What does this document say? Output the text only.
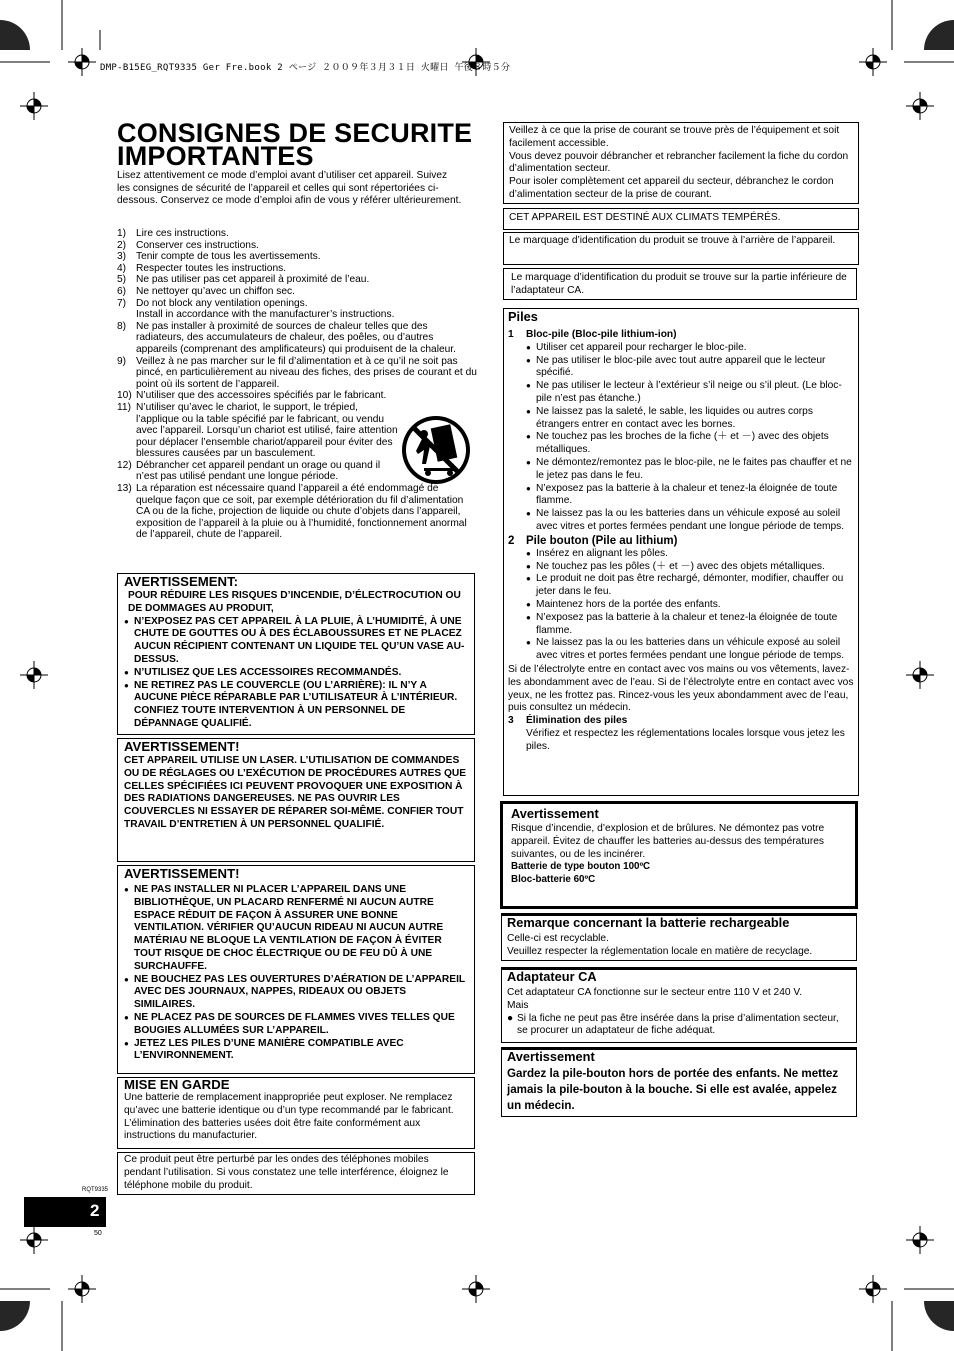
DMP-B15EG_RQT9335 Ger Fre.book 2 ページ ２００９年３月３１日 火曜日 午後８時５分
CONSIGNES DE SECURITE
IMPORTANTES
Lisez attentivement ce mode d’emploi avant d’utiliser cet appareil. Suivez les consignes de sécurité de l’appareil et celles qui sont répertoriées ci-dessous. Conservez ce mode d’emploi afin de vous y référer ultérieurement.
1) Lire ces instructions.
2) Conserver ces instructions.
3) Tenir compte de tous les avertissements.
4) Respecter toutes les instructions.
5) Ne pas utiliser pas cet appareil à proximité de l’eau.
6) Ne nettoyer qu’avec un chiffon sec.
7) Do not block any ventilation openings.
Install in accordance with the manufacturer’s instructions.
8) Ne pas installer à proximité de sources de chaleur telles que des radiateurs, des accumulateurs de chaleur, des poêles, ou d’autres appareils (comprenant des amplificateurs) qui produisent de la chaleur.
9) Veillez à ne pas marcher sur le fil d’alimentation et à ce qu’il ne soit pas pincé, en particulièrement au niveau des fiches, des prises de courant et du point où ils sortent de l’appareil.
10) N’utiliser que des accessoires spécifiés par le fabricant.
11) N’utiliser qu’avec le chariot, le support, le trépied, l’applique ou la table spécifié par le fabricant, ou vendu avec l’appareil. Lorsqu’un chariot est utilisé, faire attention pour déplacer l’ensemble chariot/appareil pour éviter des blessures causées par un basculement.
12) Débrancher cet appareil pendant un orage ou quand il n’est pas utilisé pendant une longue période.
13) La réparation est nécessaire quand l’appareil a été endommagé de quelque façon que ce soit, par exemple détérioration du fil d’alimentation CA ou de la fiche, projection de liquide ou chute d’objets dans l’appareil, exposition de l’appareil à la pluie ou à l’humidité, fonctionnement anormal de l’appareil, chute de l’appareil.
AVERTISSEMENT:
POUR RÉDUIRE LES RISQUES D’INCENDIE, D’ÉLECTROCUTION OU DE DOMMAGES AU PRODUIT,
● N’EXPOSEZ PAS CET APPAREIL À LA PLUIE, À L’HUMIDITÉ, À UNE CHUTE DE GOUTTES OU À DES ÉCLABOUSSURES ET NE PLACEZ AUCUN RÉCIPIENT CONTENANT UN LIQUIDE TEL QU’UN VASE AU-DESSUS.
● N’UTILISEZ QUE LES ACCESSOIRES RECOMMANDÉS.
● NE RETIREZ PAS LE COUVERCLE (OU L’ARRIÈRE): IL N’Y A AUCUNE PIÈCE RÉPARABLE PAR L’UTILISATEUR À L’INTÉRIEUR. CONFIEZ TOUTE INTERVENTION À UN PERSONNEL DE DÉPANNAGE QUALIFIÉ.
AVERTISSEMENT!
CET APPAREIL UTILISE UN LASER. L’UTILISATION DE COMMANDES OU DE RÉGLAGES OU L’EXÉCUTION DE PROCÉDURES AUTRES QUE CELLES SPÉCIFIÉES ICI PEUVENT PROVOQUER UNE EXPOSITION À DES RADIATIONS DANGEREUSES. NE PAS OUVRIR LES COUVERCLES NI ESSAYER DE RÉPARER SOI-MÊME. CONFIER TOUT TRAVAIL D’ENTRETIEN À UN PERSONNEL QUALIFIÉ.
AVERTISSEMENT!
● NE PAS INSTALLER NI PLACER L’APPAREIL DANS UNE BIBLIOTHÈQUE, UN PLACARD RENFERMÉ NI AUCUN AUTRE ESPACE RÉDUIT DE FAÇON À ASSURER UNE BONNE VENTILATION. VÉRIFIER QU’AUCUN RIDEAU NI AUCUN AUTRE MATÉRIAU NE BLOQUE LA VENTILATION DE FAÇON À ÉVITER TOUT RISQUE DE CHOC ÉLECTRIQUE OU DE FEU DÛ À UNE SURCHAUFFE.
● NE BOUCHEZ PAS LES OUVERTURES D’AÉRATION DE L’APPAREIL AVEC DES JOURNAUX, NAPPES, RIDEAUX OU OBJETS SIMILAIRES.
● NE PLACEZ PAS DE SOURCES DE FLAMMES VIVES TELLES QUE BOUGIES ALLUMÉES SUR L’APPAREIL.
● JETEZ LES PILES D’UNE MANIÈRE COMPATIBLE AVEC L’ENVIRONNEMENT.
MISE EN GARDE
Une batterie de remplacement inappropriée peut exploser. Ne remplacez qu’avec une batterie identique ou d’un type recommandé par le fabricant. L’élimination des batteries usées doit être faite conformément aux instructions du manufacturier.
Ce produit peut être perturbé par les ondes des téléphones mobiles pendant l’utilisation. Si vous constatez une telle interférence, éloignez le téléphone mobile du produit.
Veillez à ce que la prise de courant se trouve près de l’équipement et soit facilement accessible.
Vous devez pouvoir débrancher et rebrancher facilement la fiche du cordon d’alimentation secteur.
Pour isoler complètement cet appareil du secteur, débranchez le cordon d’alimentation secteur de la prise de courant.
CET APPAREIL EST DESTINÉ AUX CLIMATS TEMPÉRÉS.
Le marquage d’identification du produit se trouve à l’arrière de l’appareil.
Le marquage d’identification du produit se trouve sur la partie inférieure de l’adaptateur CA.
Piles
1	Bloc-pile (Bloc-pile lithium-ion)
● Utiliser cet appareil pour recharger le bloc-pile.
● Ne pas utiliser le bloc-pile avec tout autre appareil que le lecteur spécifié.
● Ne pas utiliser le lecteur à l’extérieur s’il neige ou s’il pleut. (Le bloc-pile n’est pas étanche.)
● Ne laissez pas la saleté, le sable, les liquides ou autres corps étrangers entrer en contact avec les bornes.
● Ne touchez pas les broches de la fiche (＋ et －) avec des objets métalliques.
● Ne démontez/remontez pas le bloc-pile, ne le faites pas chauffer et ne le jetez pas dans le feu.
● N’exposez pas la batterie à la chaleur et tenez-la éloignée de toute flamme.
● Ne laissez pas la ou les batteries dans un véhicule exposé au soleil avec vitres et portes fermées pendant une longue période de temps.
2	Pile bouton (Pile au lithium)
● Insérez en alignant les pôles.
● Ne touchez pas les pôles (＋ et －) avec des objets métalliques.
● Le produit ne doit pas être rechargé, démonter, modifier, chauffer ou jeter dans le feu.
● Maintenez hors de la portée des enfants.
● N’exposez pas la batterie à la chaleur et tenez-la éloignée de toute flamme.
● Ne laissez pas la ou les batteries dans un véhicule exposé au soleil avec vitres et portes fermées pendant une longue période de temps.
Si de l’électrolyte entre en contact avec vos mains ou vos vêtements, lavez-les abondamment avec de l’eau. Si de l’électrolyte entre en contact avec vos yeux, ne les frottez pas. Rincez-vous les yeux abondamment avec de l’eau, puis consultez un médecin.
3	Élimination des piles
Vérifiez et respectez les réglementations locales lorsque vous jetez les piles.
Avertissement
Risque d’incendie, d’explosion et de brûlures. Ne démontez pas votre appareil. Évitez de chauffer les batteries au-dessus des températures suivantes, ou de les incinérer.
Batterie de type bouton 100ºC
Bloc-batterie 60ºC
Remarque concernant la batterie rechargeable
Celle-ci est recyclable.
Veuillez respecter la réglementation locale en matière de recyclage.
Adaptateur CA
Cet adaptateur CA fonctionne sur le secteur entre 110 V et 240 V.
Mais
● Si la fiche ne peut pas être insérée dans la prise d’alimentation secteur, se procurer un adaptateur de fiche adéquat.
Avertissement
Gardez la pile-bouton hors de portée des enfants. Ne mettez jamais la pile-bouton à la bouche. Si elle est avalée, appelez un médecin.
RQT9335
2
50
